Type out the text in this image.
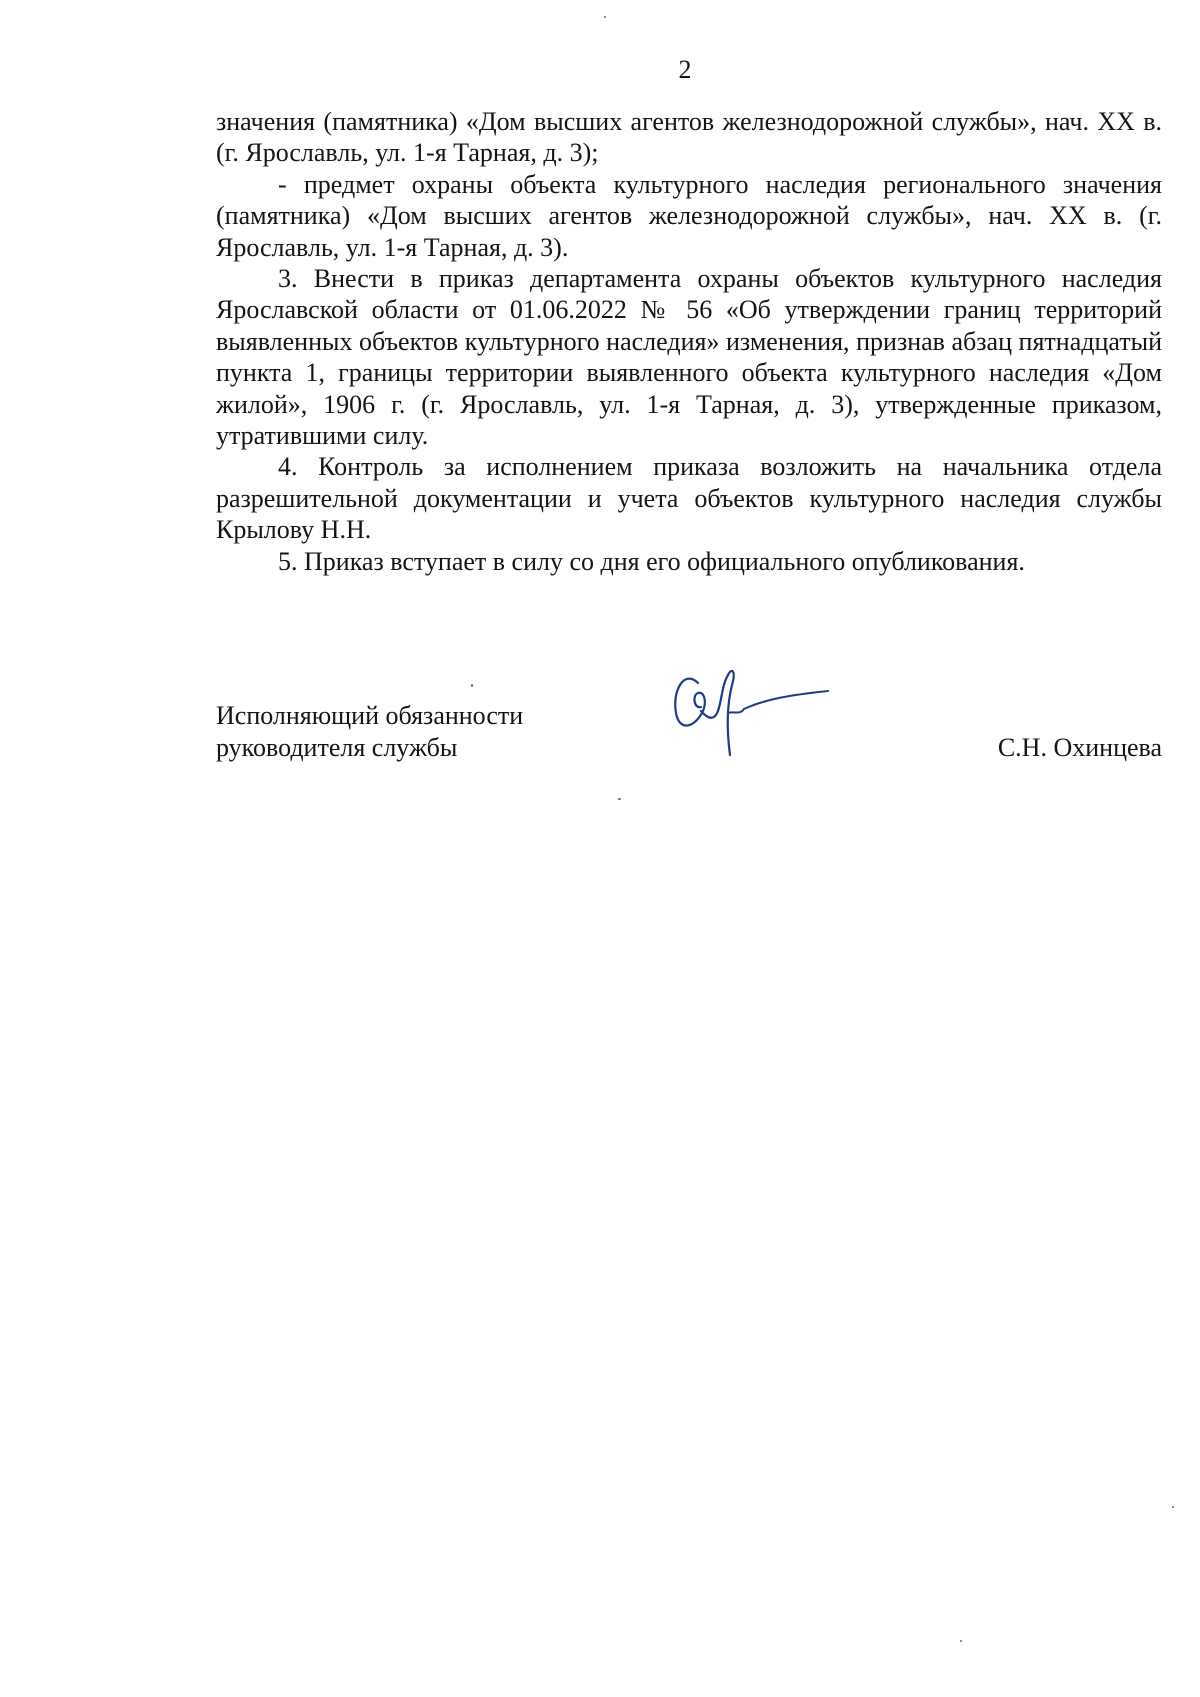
2

значения (памятника) «Дом высших агентов железнодорожной службы», нач. XX в. (г. Ярославль, ул. 1-я Тарная, д. 3);

- предмет охраны объекта культурного наследия регионального значения (памятника) «Дом высших агентов железнодорожной службы», нач. XX в. (г. Ярославль, ул. 1-я Тарная, д. 3).

3. Внести в приказ департамента охраны объектов культурного наследия Ярославской области от 01.06.2022 № 56 «Об утверждении границ территорий выявленных объектов культурного наследия» изменения, признав абзац пятнадцатый пункта 1, границы территории выявленного объекта культурного наследия «Дом жилой», 1906 г. (г. Ярославль, ул. 1-я Тарная, д. 3), утвержденные приказом, утратившими силу.

4. Контроль за исполнением приказа возложить на начальника отдела разрешительной документации и учета объектов культурного наследия службы Крылову Н.Н.

5. Приказ вступает в силу со дня его официального опубликования.

Исполняющий обязанности
руководителя службы	С.Н. Охинцева
